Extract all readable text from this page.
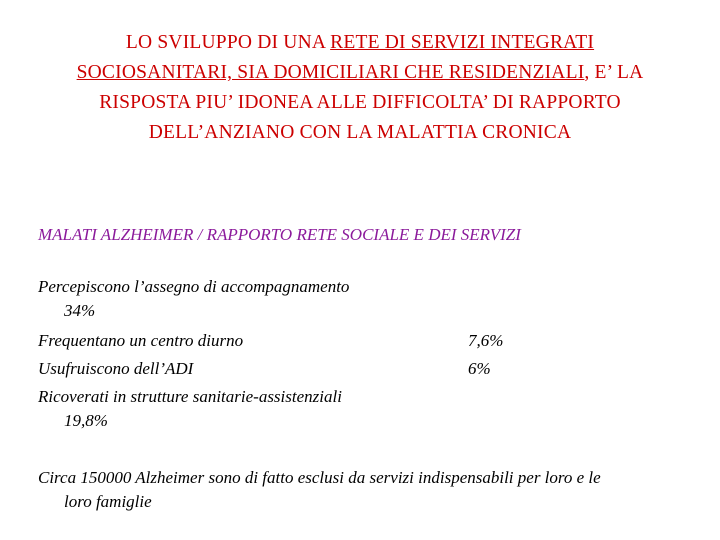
LO SVILUPPO DI UNA RETE DI SERVIZI INTEGRATI SOCIOSANITARI, SIA DOMICILIARI CHE RESIDENZIALI, E’ LA RISPOSTA PIU’ IDONEA ALLE DIFFICOLTA’ DI RAPPORTO DELL’ANZIANO CON LA MALATTIA CRONICA
MALATI ALZHEIMER / RAPPORTO RETE SOCIALE E DEI SERVIZI
Percepiscono l’assegno di accompagnamento
34%
Frequentano un centro diurno	7,6%
Usufruiscono dell’ADI	6%
Ricoverati in strutture sanitarie-assistenziali
19,8%
Circa 150000 Alzheimer sono di fatto esclusi da servizi indispensabili per loro e le loro famiglie
